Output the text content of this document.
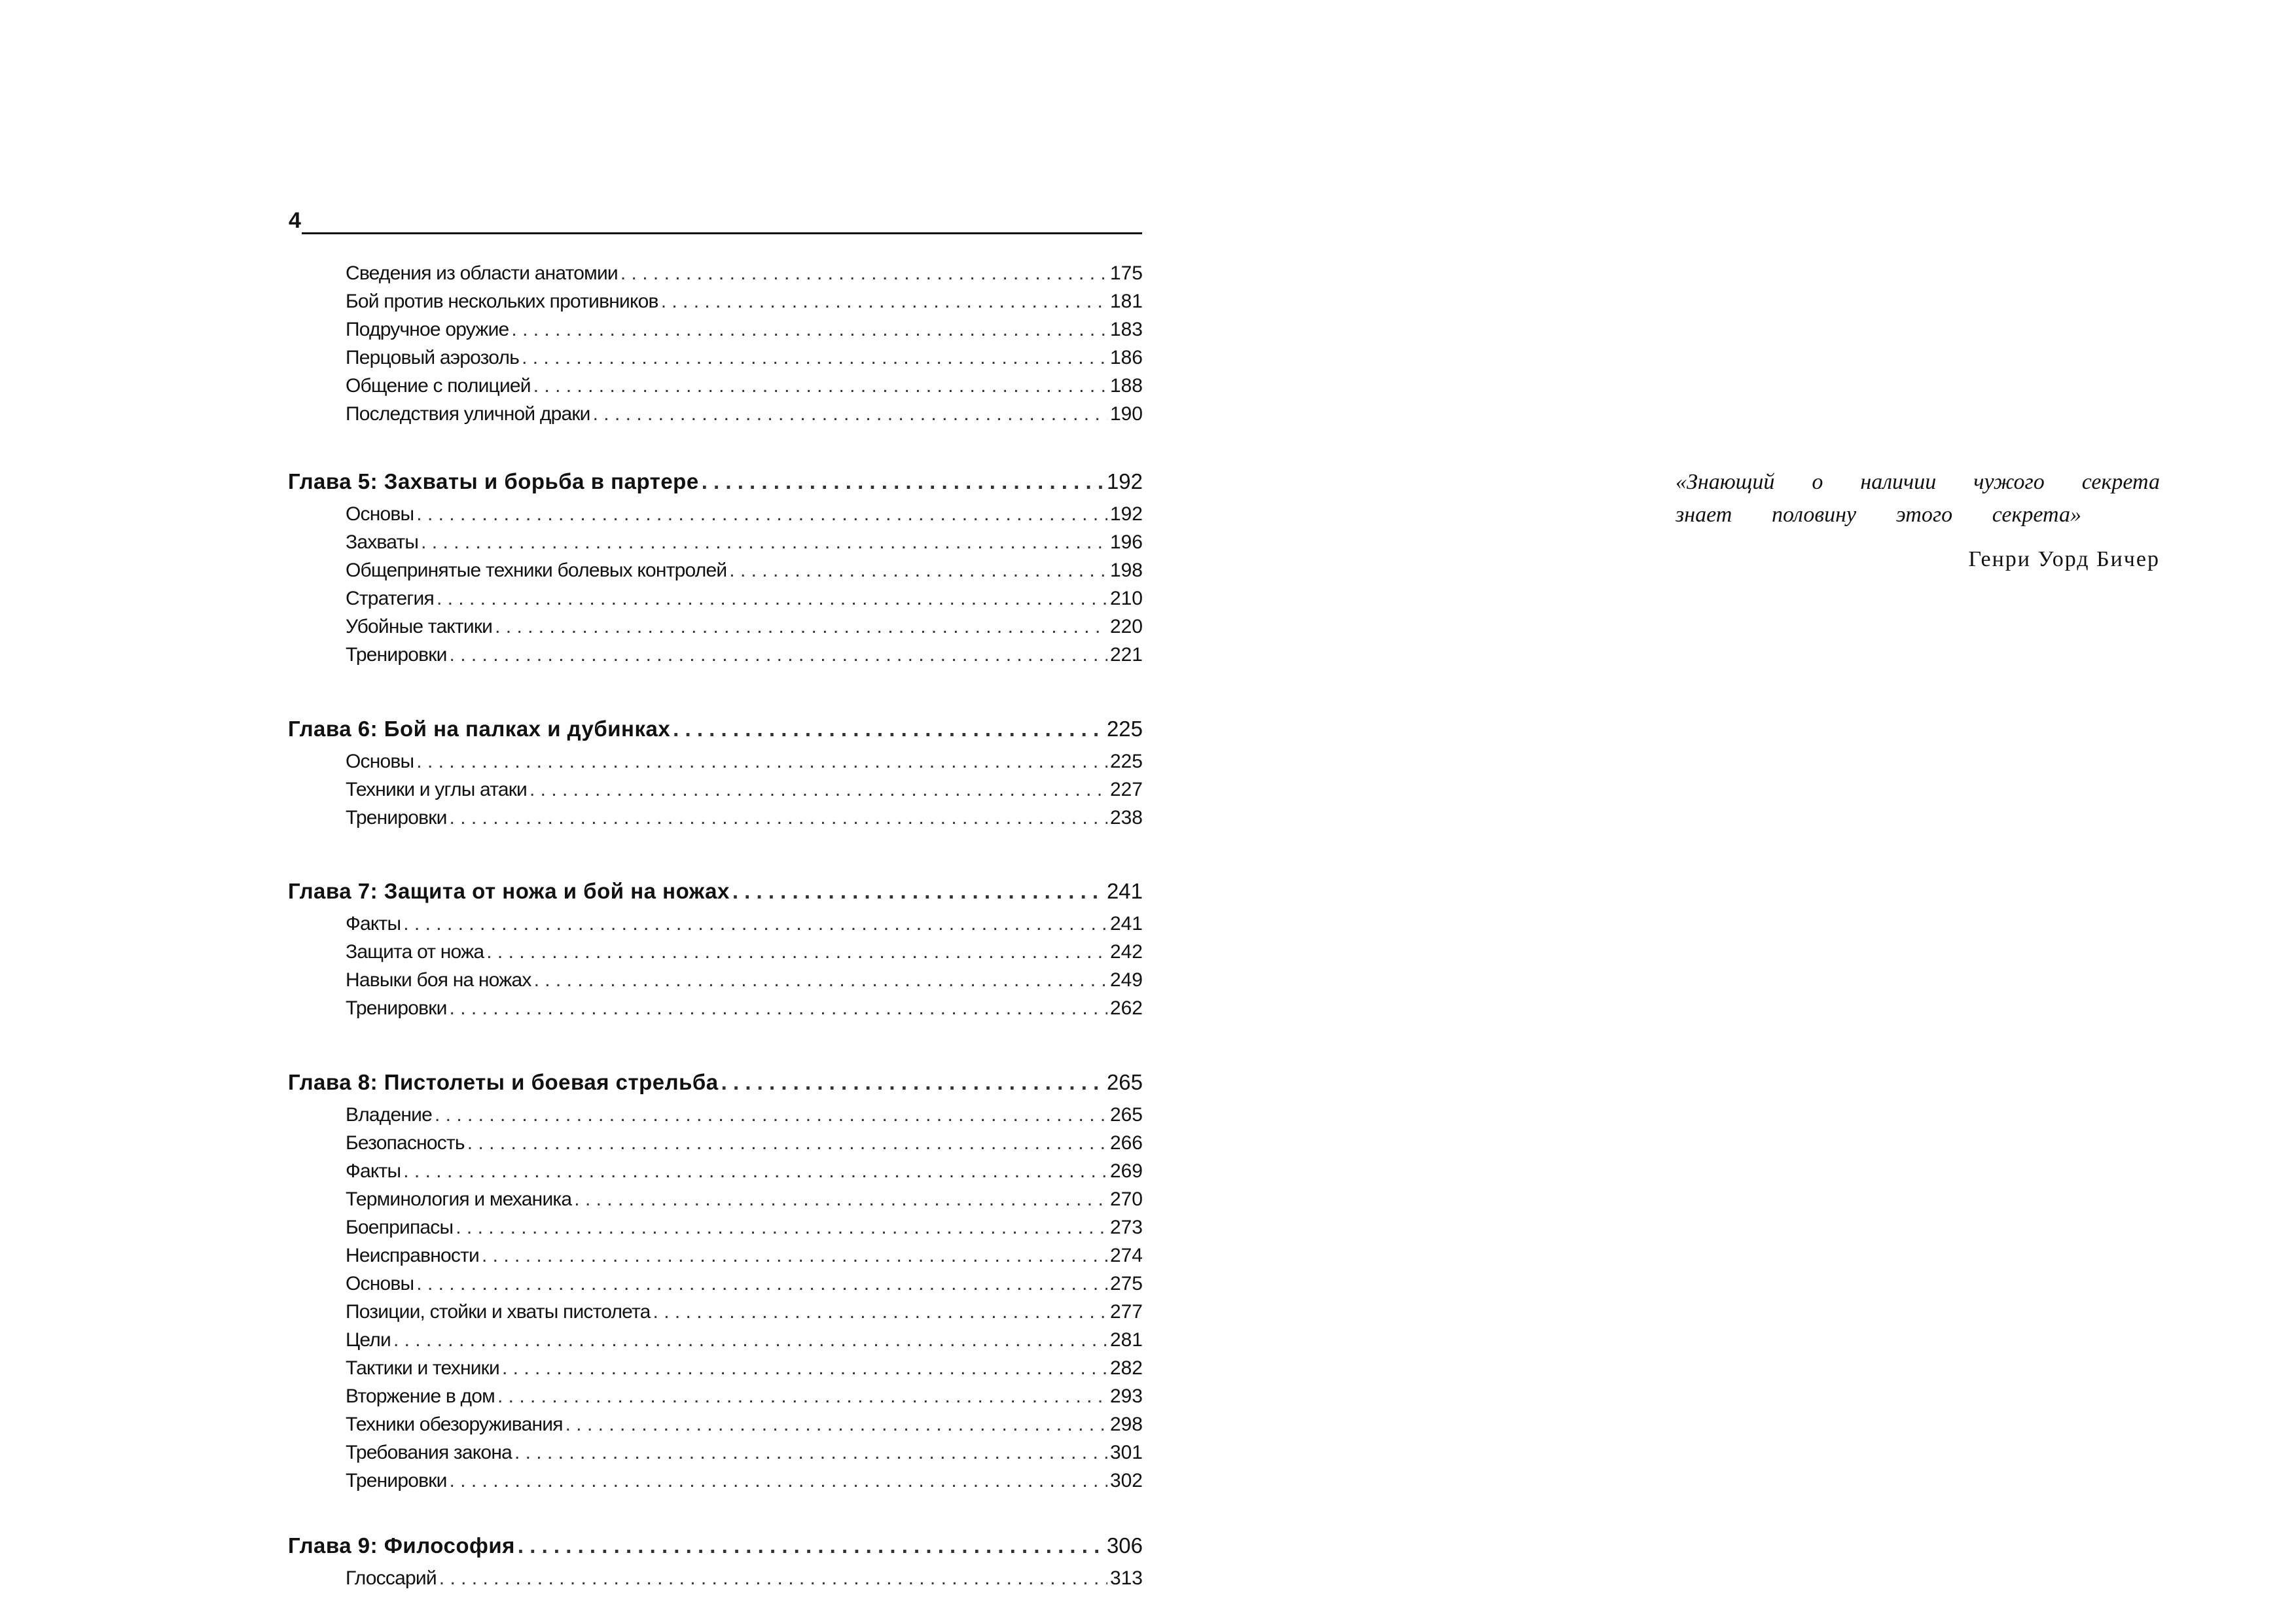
4
Сведения из области анатомии . . .	175
Бой против нескольких противников . . .	181
Подручное оружие . . .	183
Перцовый аэрозоль . . .	186
Общение с полицией . . .	188
Последствия уличной драки . . .	190
Глава 5: Захваты и борьба в партере . . .	192
Основы . . .	192
Захваты . . .	196
Общепринятые техники болевых контролей . . .	198
Стратегия . . .	210
Убойные тактики . . .	220
Тренировки . . .	221
Глава 6: Бой на палках и дубинках . . .	225
Основы . . .	225
Техники и углы атаки . . .	227
Тренировки . . .	238
Глава 7: Защита от ножа и бой на ножах . . .	241
Факты . . .	241
Защита от ножа . . .	242
Навыки боя на ножах . . .	249
Тренировки . . .	262
Глава 8: Пистолеты и боевая стрельба . . .	265
Владение . . .	265
Безопасность . . .	266
Факты . . .	269
Терминология и механика . . .	270
Боеприпасы . . .	273
Неисправности . . .	274
Основы . . .	275
Позиции, стойки и хваты пистолета . . .	277
Цели . . .	281
Тактики и техники . . .	282
Вторжение в дом . . .	293
Техники обезоруживания . . .	298
Требования закона . . .	301
Тренировки . . .	302
Глава 9: Философия . . .	306
Глоссарий . . .	313
«Знающий о наличии чужого секрета
знает половину этого секрета»
Генри Уорд Бичер
